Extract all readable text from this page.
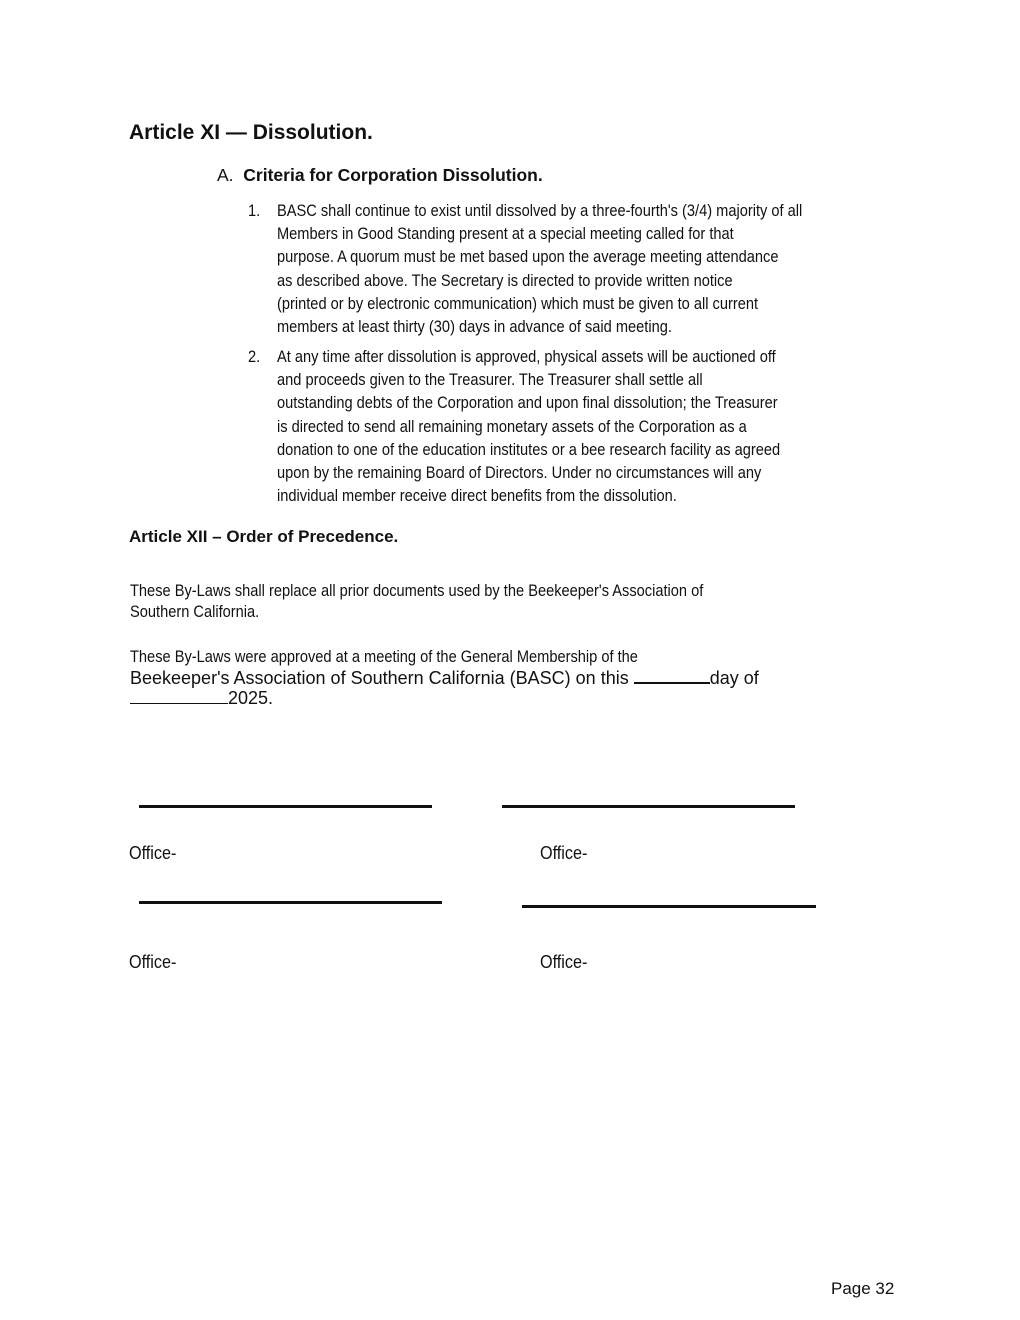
Article XI — Dissolution.
A. Criteria for Corporation Dissolution.
1. BASC shall continue to exist until dissolved by a three-fourth's (3/4) majority of all
Members in Good Standing present at a special meeting called for that
purpose. A quorum must be met based upon the average meeting attendance
as described above. The Secretary is directed to provide written notice
(printed or by electronic communication) which must be given to all current
members at least thirty (30) days in advance of said meeting.
2. At any time after dissolution is approved, physical assets will be auctioned off
and proceeds given to the Treasurer. The Treasurer shall settle all
outstanding debts of the Corporation and upon final dissolution; the Treasurer
is directed to send all remaining monetary assets of the Corporation as a
donation to one of the education institutes or a bee research facility as agreed
upon by the remaining Board of Directors. Under no circumstances will any
individual member receive direct benefits from the dissolution.
Article XII – Order of Precedence.
These By-Laws shall replace all prior documents used by the Beekeeper's Association of
Southern California.
These By-Laws were approved at a meeting of the General Membership of the
Beekeeper's Association of Southern California (BASC) on this	day of
2025.
Office-	Office-
Office-	Office-
Page 32
